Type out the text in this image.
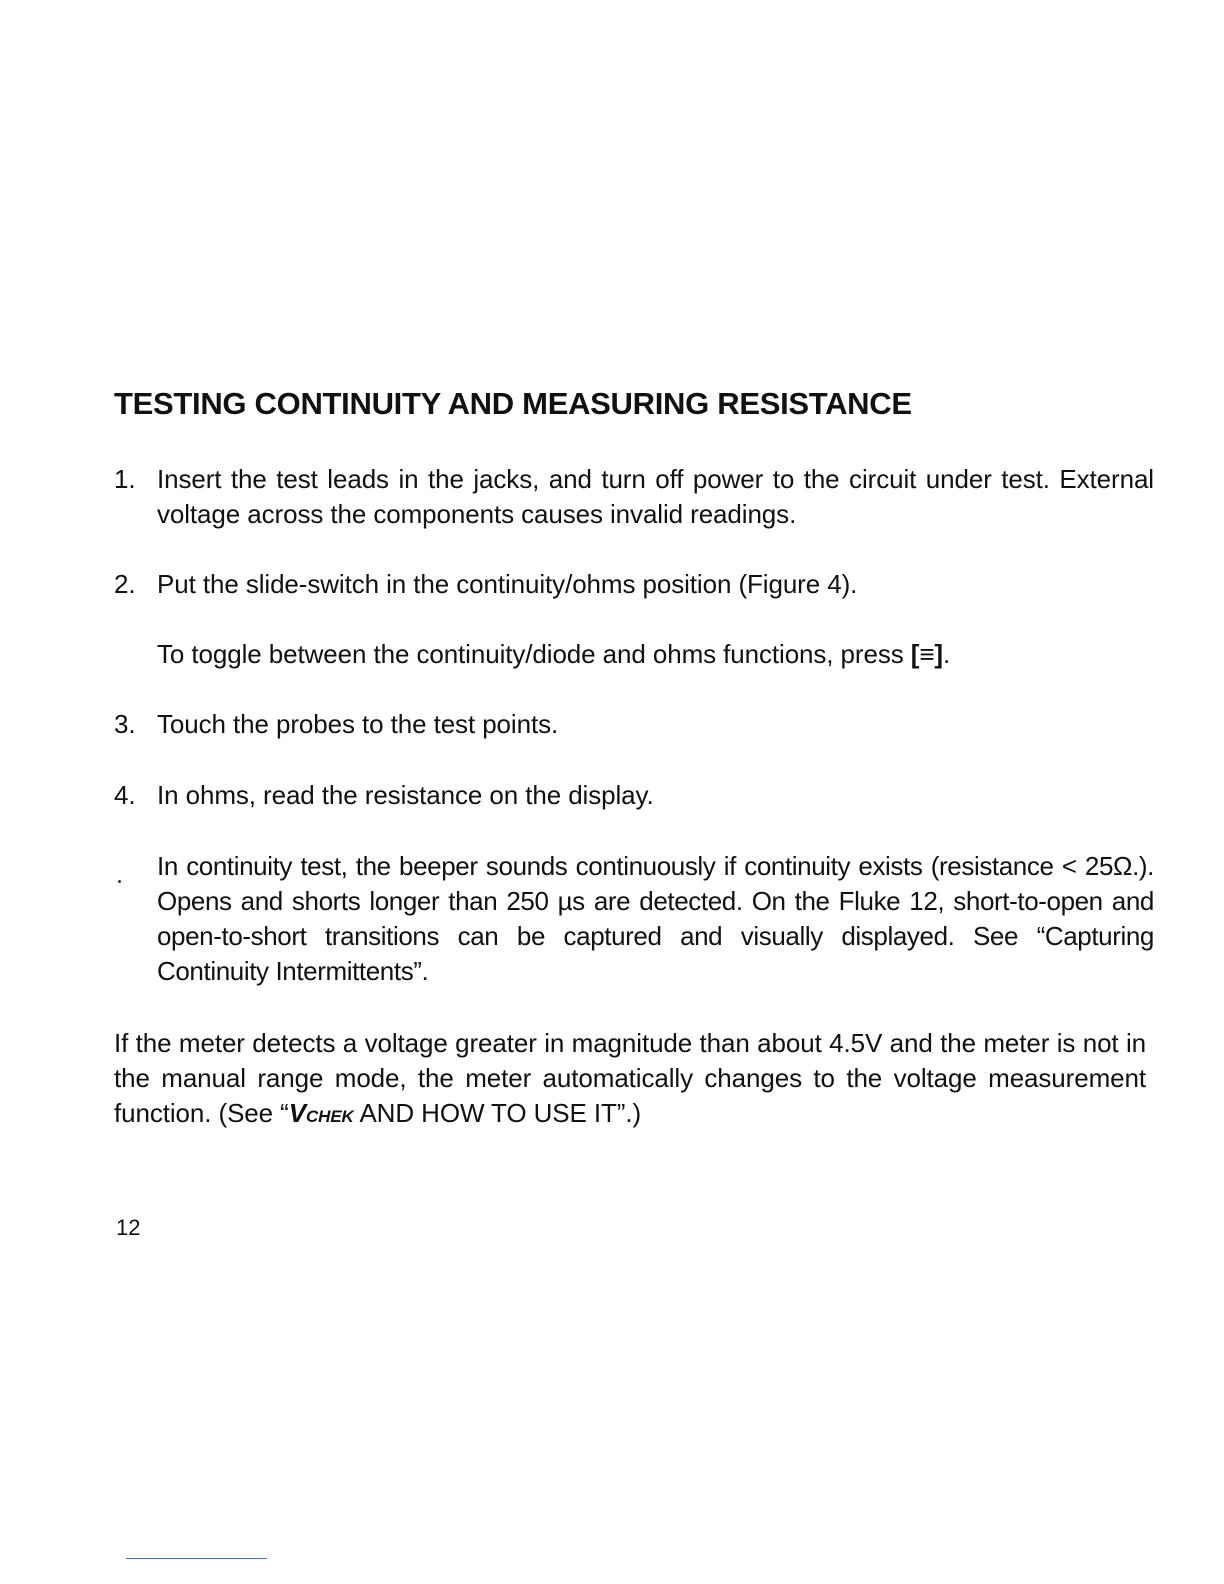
TESTING CONTINUITY AND MEASURING RESISTANCE
1. Insert the test leads in the jacks, and turn off power to the circuit under test. External voltage across the components causes invalid readings.
2. Put the slide-switch in the continuity/ohms position (Figure 4).
To toggle between the continuity/diode and ohms functions, press [≡].
3. Touch the probes to the test points.
4. In ohms, read the resistance on the display.
In continuity test, the beeper sounds continuously if continuity exists (resistance < 25Ω.). Opens and shorts longer than 250 µs are detected. On the Fluke 12, short-to-open and open-to-short transitions can be captured and visually displayed. See “Capturing Continuity Intermittents”.
If the meter detects a voltage greater in magnitude than about 4.5V and the meter is not in the manual range mode, the meter automatically changes to the voltage measurement function. (See “VCHEK AND HOW TO USE IT”.)
12
